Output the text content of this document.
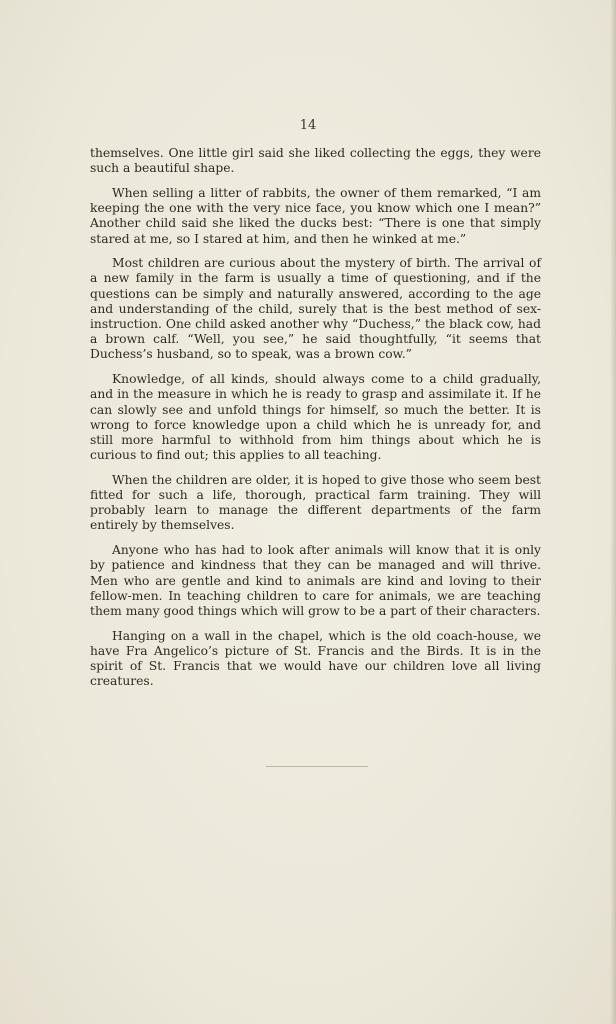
14

themselves. One little girl said she liked collecting the eggs, they were such a beautiful shape.

When selling a litter of rabbits, the owner of them remarked, “I am keeping the one with the very nice face, you know which one I mean?” Another child said she liked the ducks best: “There is one that simply stared at me, so I stared at him, and then he winked at me.”

Most children are curious about the mystery of birth. The arrival of a new family in the farm is usually a time of questioning, and if the questions can be simply and naturally answered, according to the age and understanding of the child, surely that is the best method of sex-instruction. One child asked another why “Duchess,” the black cow, had a brown calf. “Well, you see,” he said thoughtfully, “it seems that Duchess’s husband, so to speak, was a brown cow.”

Knowledge, of all kinds, should always come to a child gradually, and in the measure in which he is ready to grasp and assimilate it. If he can slowly see and unfold things for himself, so much the better. It is wrong to force knowledge upon a child which he is unready for, and still more harmful to withhold from him things about which he is curious to find out; this applies to all teaching.

When the children are older, it is hoped to give those who seem best fitted for such a life, thorough, practical farm training. They will probably learn to manage the different departments of the farm entirely by themselves.

Anyone who has had to look after animals will know that it is only by patience and kindness that they can be managed and will thrive. Men who are gentle and kind to animals are kind and loving to their fellow-men. In teaching children to care for animals, we are teaching them many good things which will grow to be a part of their characters.

Hanging on a wall in the chapel, which is the old coach-house, we have Fra Angelico’s picture of St. Francis and the Birds. It is in the spirit of St. Francis that we would have our children love all living creatures.
